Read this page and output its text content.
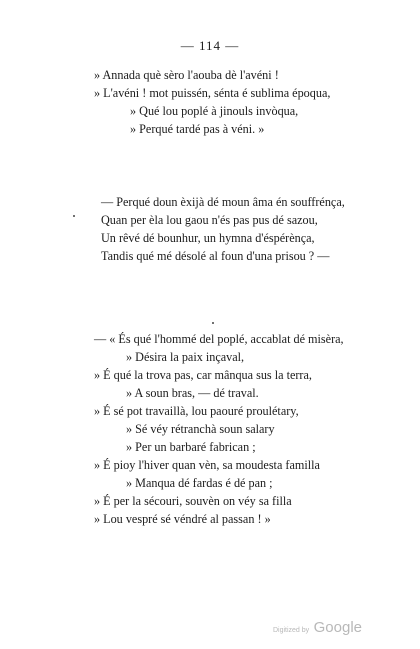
— 114 —
» Annada què sèro l'aouba dè l'avéni !
» L'avéni ! mot puissén, sénta é sublima époqua,
» Qué lou poplé à jinouls invòqua,
» Perqué tardé pas à véni. »
— Perqué doun èxijà dé moun âma én souffrénça,
Quan per èla lou gaou n'és pas pus dé sazou,
Un rêvé dé bounhur, un hymna d'éspérènça,
Tandis qué mé désolé al foun d'una prisou ? —
— « És qué l'hommé del poplé, accablat dé misèra,
» Désira la paix inçaval,
» É qué la trova pas, car mânqua sus la terra,
» A soun bras, — dé traval.
» É sé pot travaillà, lou paouré proulétary,
» Sé véy rétranchà soun salary
» Per un barbaré fabrican ;
» É pioy l'hiver quan vèn, sa moudesta familla
» Manqua dé fardas é dé pan ;
» É per la sécouri, souvèn on véy sa filla
» Lou vespré sé véndré al passan ! »
Digitized by Google
